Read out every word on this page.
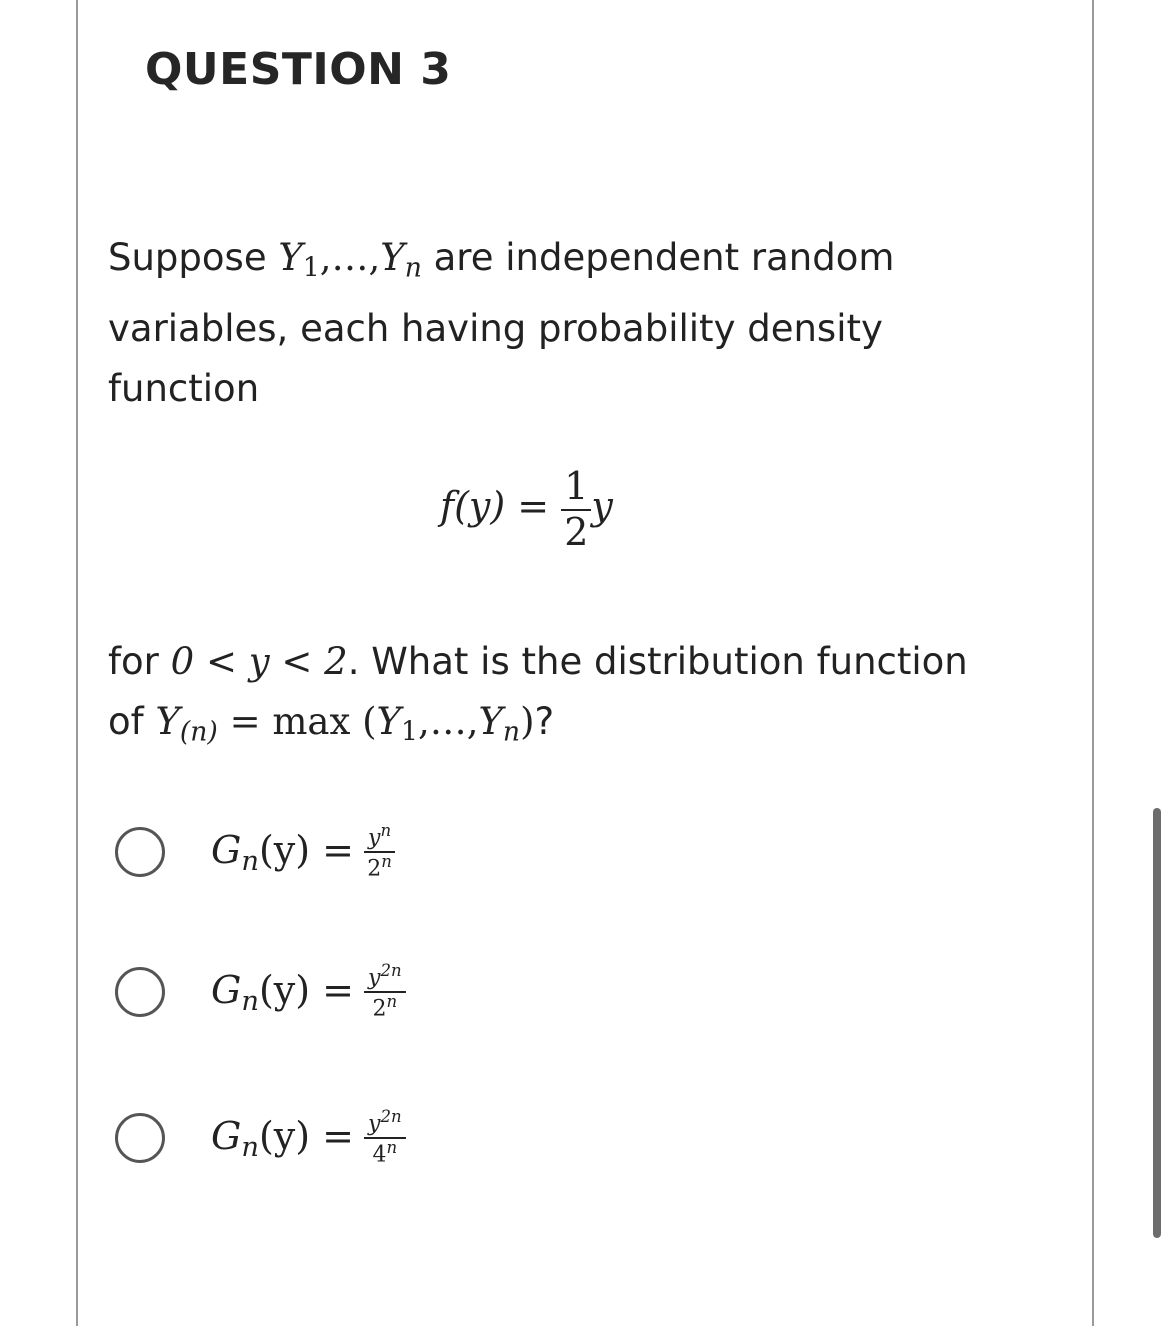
QUESTION 3
Suppose $Y_1,\dots,Y_n$ are independent random variables, each having probability density function
$f(y) = \frac{1}{2}$ y
for 0 < y < 2. What is the distribution function of $Y_{(n)} = \max$ $(Y_1,\dots,Y_n)$?
$G_n(y) = \frac{y^n}{2^n}$
$G_n(y) = \frac{y^{2n}}{2^n}$
$G_n(y) = \frac{y^{2n}}{4^n}$
